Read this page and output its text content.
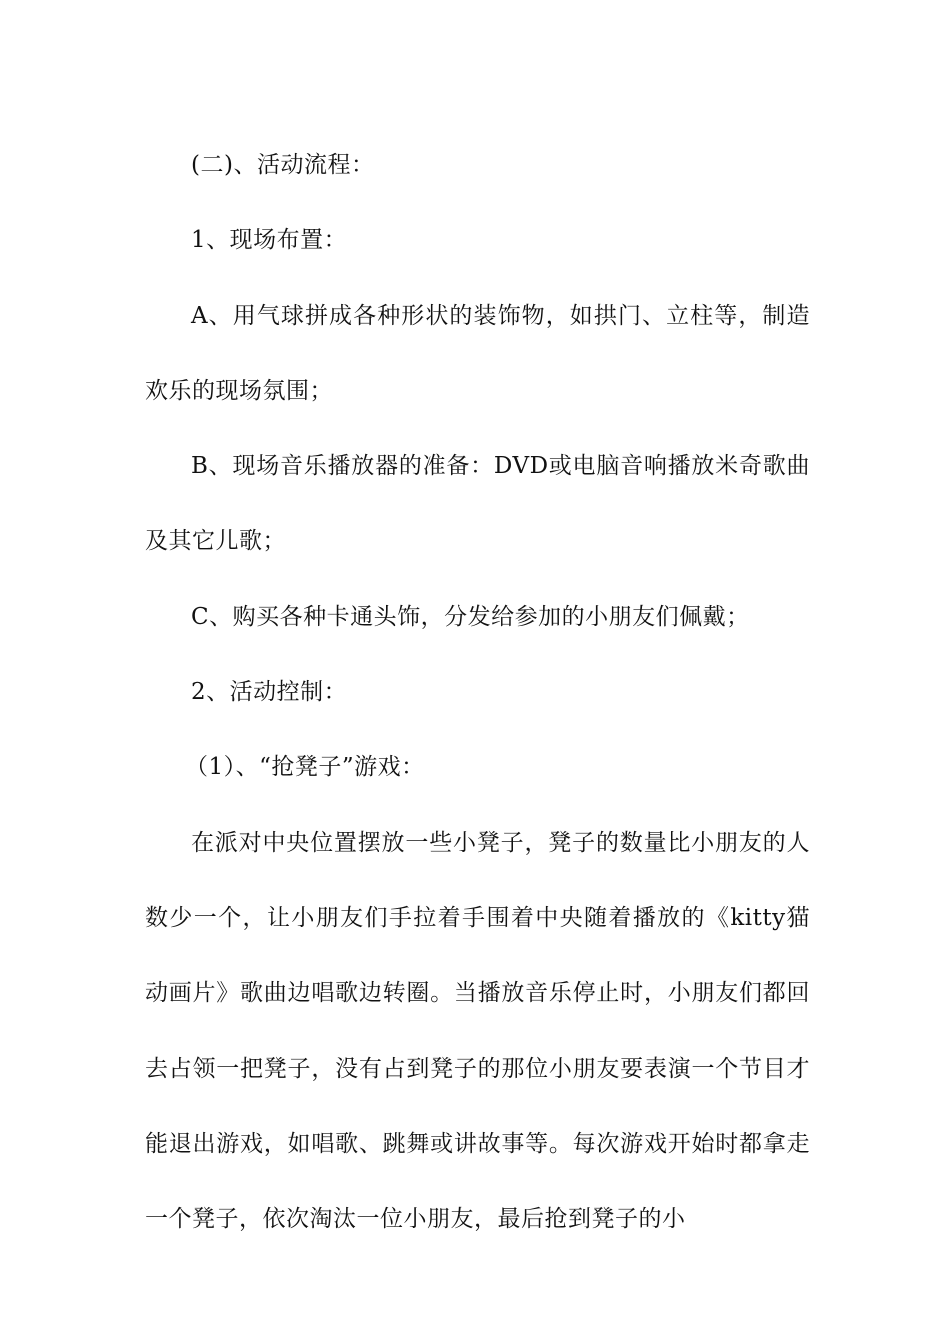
(二)、活动流程：

1、现场布置：

A、用气球拼成各种形状的装饰物，如拱门、立柱等，制造欢乐的现场氛围；

B、现场音乐播放器的准备：DVD或电脑音响播放米奇歌曲及其它儿歌；

C、购买各种卡通头饰，分发给参加的小朋友们佩戴；

2、活动控制：

（1）、“抢凳子”游戏：

在派对中央位置摆放一些小凳子，凳子的数量比小朋友的人数少一个，让小朋友们手拉着手围着中央随着播放的《kitty猫动画片》歌曲边唱歌边转圈。当播放音乐停止时，小朋友们都回去占领一把凳子，没有占到凳子的那位小朋友要表演一个节目才能退出游戏，如唱歌、跳舞或讲故事等。每次游戏开始时都拿走一个凳子，依次淘汰一位小朋友，最后抢到凳子的小
